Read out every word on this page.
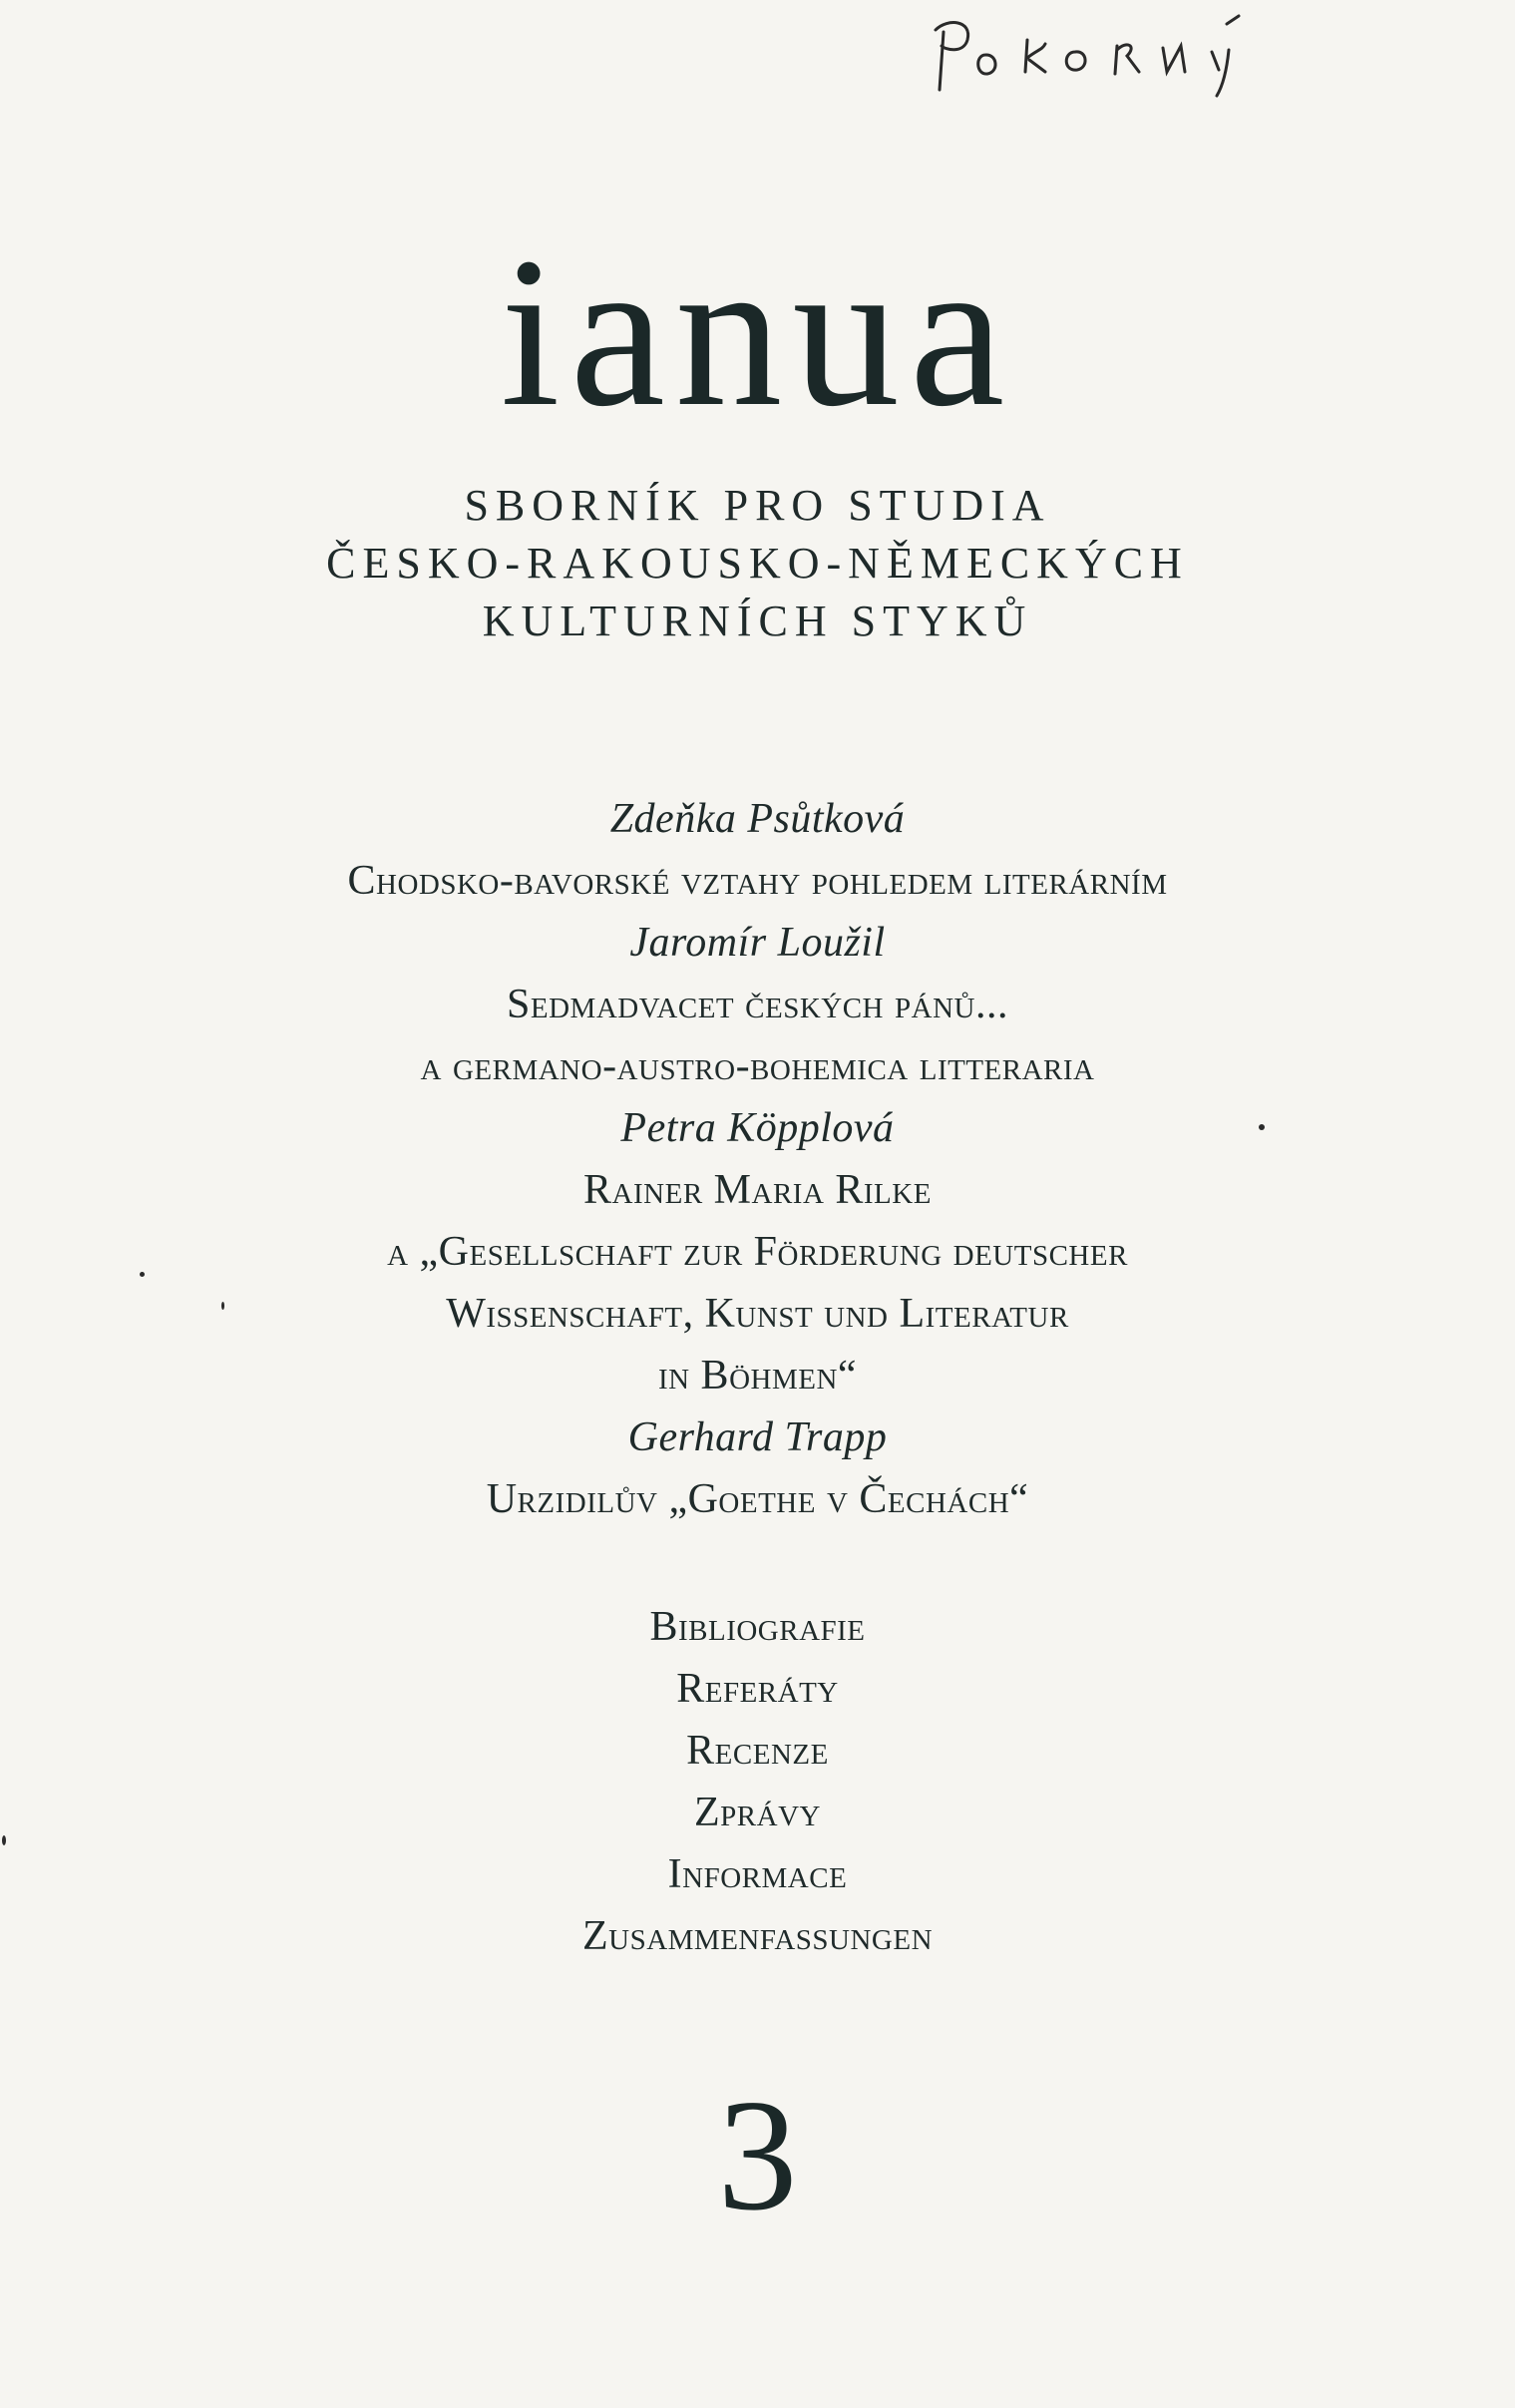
ianua
SBORNÍK PRO STUDIA
ČESKO-RAKOUSKO-NĚMECKÝCH
KULTURNÍCH STYKŮ
Zdeňka Psůtková
Chodsko-bavorské vztahy pohledem literárním
Jaromír Loužil
Sedmadvacet českých pánů...
a germano-austro-bohemica litteraria
Petra Köpplová
Rainer Maria Rilke
a „Gesellschaft zur Förderung deutscher
Wissenschaft, Kunst und Literatur
in Böhmen“
Gerhard Trapp
Urzidilův „Goethe v Čechách“
Bibliografie
Referáty
Recenze
Zprávy
Informace
Zusammenfassungen
3
